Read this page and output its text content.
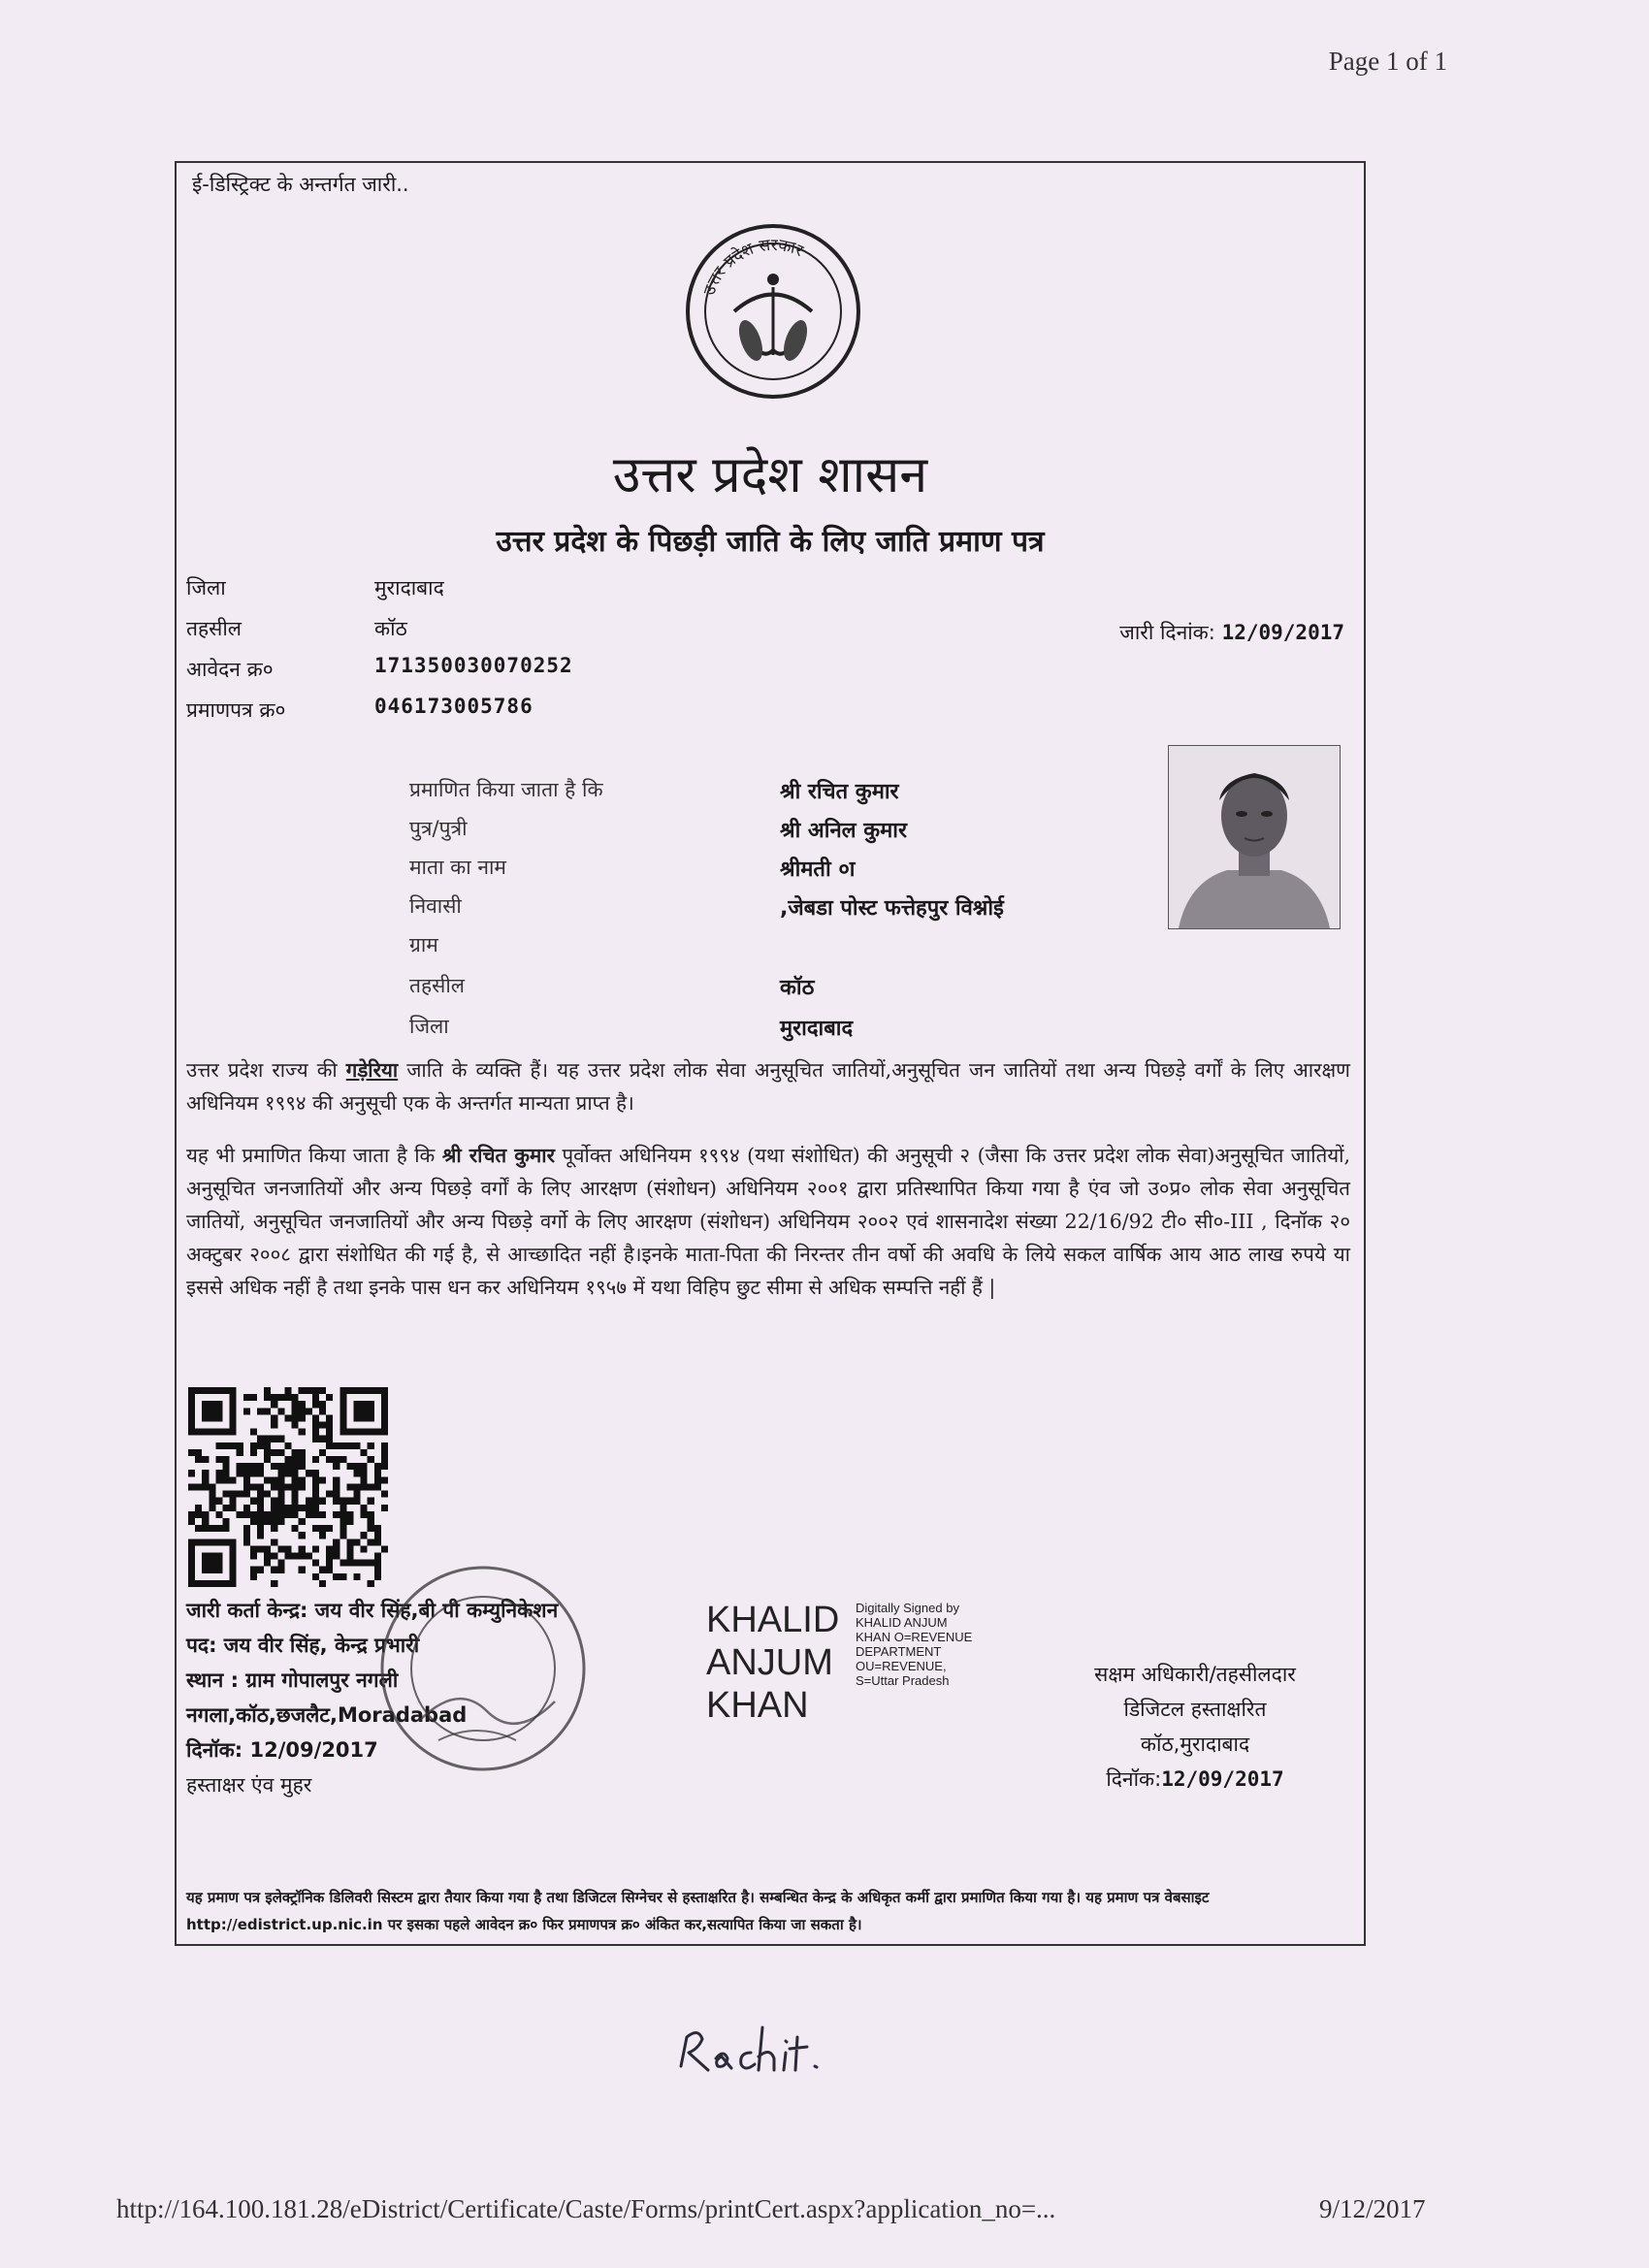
Page 1 of 1
ई-डिस्ट्रिक्ट के अन्तर्गत जारी..
उत्तर प्रदेश सरकार
उत्तर प्रदेश शासन
उत्तर प्रदेश के पिछड़ी जाति के लिए जाति प्रमाण पत्र
जिला	मुरादाबाद
तहसील	कॉठ
आवेदन क्र०	171350030070252
प्रमाणपत्र क्र०	046173005786
जारी दिनांक: 12/09/2017
प्रमाणित किया जाता है कि	श्री रचित कुमार
पुत्र/पुत्री	श्री अनिल कुमार
माता का नाम	श्रीमती ०ा
निवासी	,जेबडा पोस्ट फत्तेहपुर विश्नोई
ग्राम
तहसील	कॉठ
जिला	मुरादाबाद
उत्तर प्रदेश राज्य की गड़ेरिया जाति के व्यक्ति हैं। यह उत्तर प्रदेश लोक सेवा अनुसूचित जातियों,अनुसूचित जन जातियों तथा अन्य पिछड़े वर्गों के लिए आरक्षण अधिनियम १९९४ की अनुसूची एक के अन्तर्गत मान्यता प्राप्त है।
यह भी प्रमाणित किया जाता है कि श्री रचित कुमार पूर्वोक्त अधिनियम १९९४ (यथा संशोधित) की अनुसूची २ (जैसा कि उत्तर प्रदेश लोक सेवा)अनुसूचित जातियों, अनुसूचित जनजातियों और अन्य पिछड़े वर्गों के लिए आरक्षण (संशोधन) अधिनियम २००१ द्वारा प्रतिस्थापित किया गया है एंव जो उ०प्र० लोक सेवा अनुसूचित जातियों, अनुसूचित जनजातियों और अन्य पिछड़े वर्गो के लिए आरक्षण (संशोधन) अधिनियम २००२ एवं शासनादेश संख्या 22/16/92 टी० सी०-III , दिनॉक २० अक्टुबर २००८ द्वारा संशोधित की गई है, से आच्छादित नहीं है।इनके माता-पिता की निरन्तर तीन वर्षो की अवधि के लिये सकल वार्षिक आय आठ लाख रुपये या इससे अधिक नहीं है तथा इनके पास धन कर अधिनियम १९५७ में यथा विहिप छुट सीमा से अधिक सम्पत्ति नहीं हैं |
जारी कर्ता केन्द्र: जय वीर सिंह,बी पी कम्युनिकेशन
पद: जय वीर सिंह, केन्द्र प्रभारी
स्थान : ग्राम गोपालपुर नगली
नगला,कॉठ,छजलैट,Moradabad
दिनॉक: 12/09/2017
हस्ताक्षर एंव मुहर
KHALID
ANJUM
KHAN
Digitally Signed by
KHALID ANJUM
KHAN O=REVENUE
DEPARTMENT
OU=REVENUE,
S=Uttar Pradesh	सक्षम अधिकारी/तहसीलदार
डिजिटल हस्ताक्षरित
कॉठ,मुरादाबाद
दिनॉक:12/09/2017
यह प्रमाण पत्र इलेक्ट्रॉनिक डिलिवरी सिस्टम द्वारा तैयार किया गया है तथा डिजिटल सिग्नेचर से हस्ताक्षरित है। सम्बन्धित केन्द्र के अधिकृत कर्मी द्वारा प्रमाणित किया गया है। यह प्रमाण पत्र वेबसाइट http://edistrict.up.nic.in पर इसका पहले आवेदन क्र० फिर प्रमाणपत्र क्र० अंकित कर,सत्यापित किया जा सकता है।
http://164.100.181.28/eDistrict/Certificate/Caste/Forms/printCert.aspx?application_no=...	9/12/2017
